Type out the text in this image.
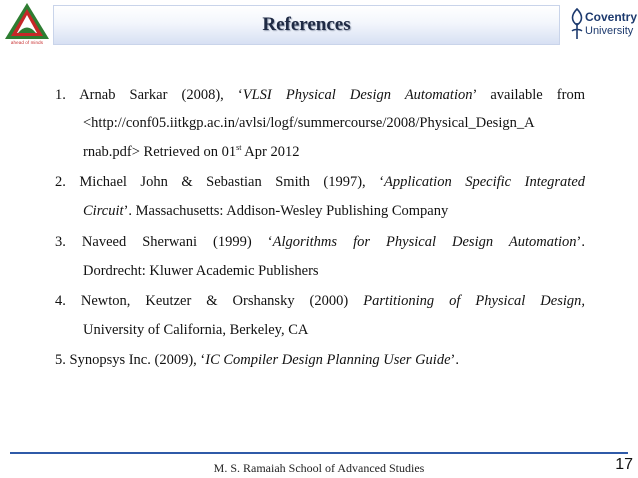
ahead of minds
References	Coventry
University
1. Arnab Sarkar (2008), ‘VLSI Physical Design Automation’ available from
<http://conf05.iitkgp.ac.in/avlsi/logf/summercourse/2008/Physical_Design_A
rnab.pdf> Retrieved on 01st Apr 2012
2. Michael John & Sebastian Smith (1997), ‘Application Specific Integrated
Circuit’. Massachusetts: Addison-Wesley Publishing Company
3. Naveed Sherwani (1999) ‘Algorithms for Physical Design Automation’.
Dordrecht: Kluwer Academic Publishers
4. Newton, Keutzer & Orshansky (2000) Partitioning of Physical Design,
University of California, Berkeley, CA
5. Synopsys Inc. (2009), ‘IC Compiler Design Planning User Guide’.
M. S. Ramaiah School of Advanced Studies	17
